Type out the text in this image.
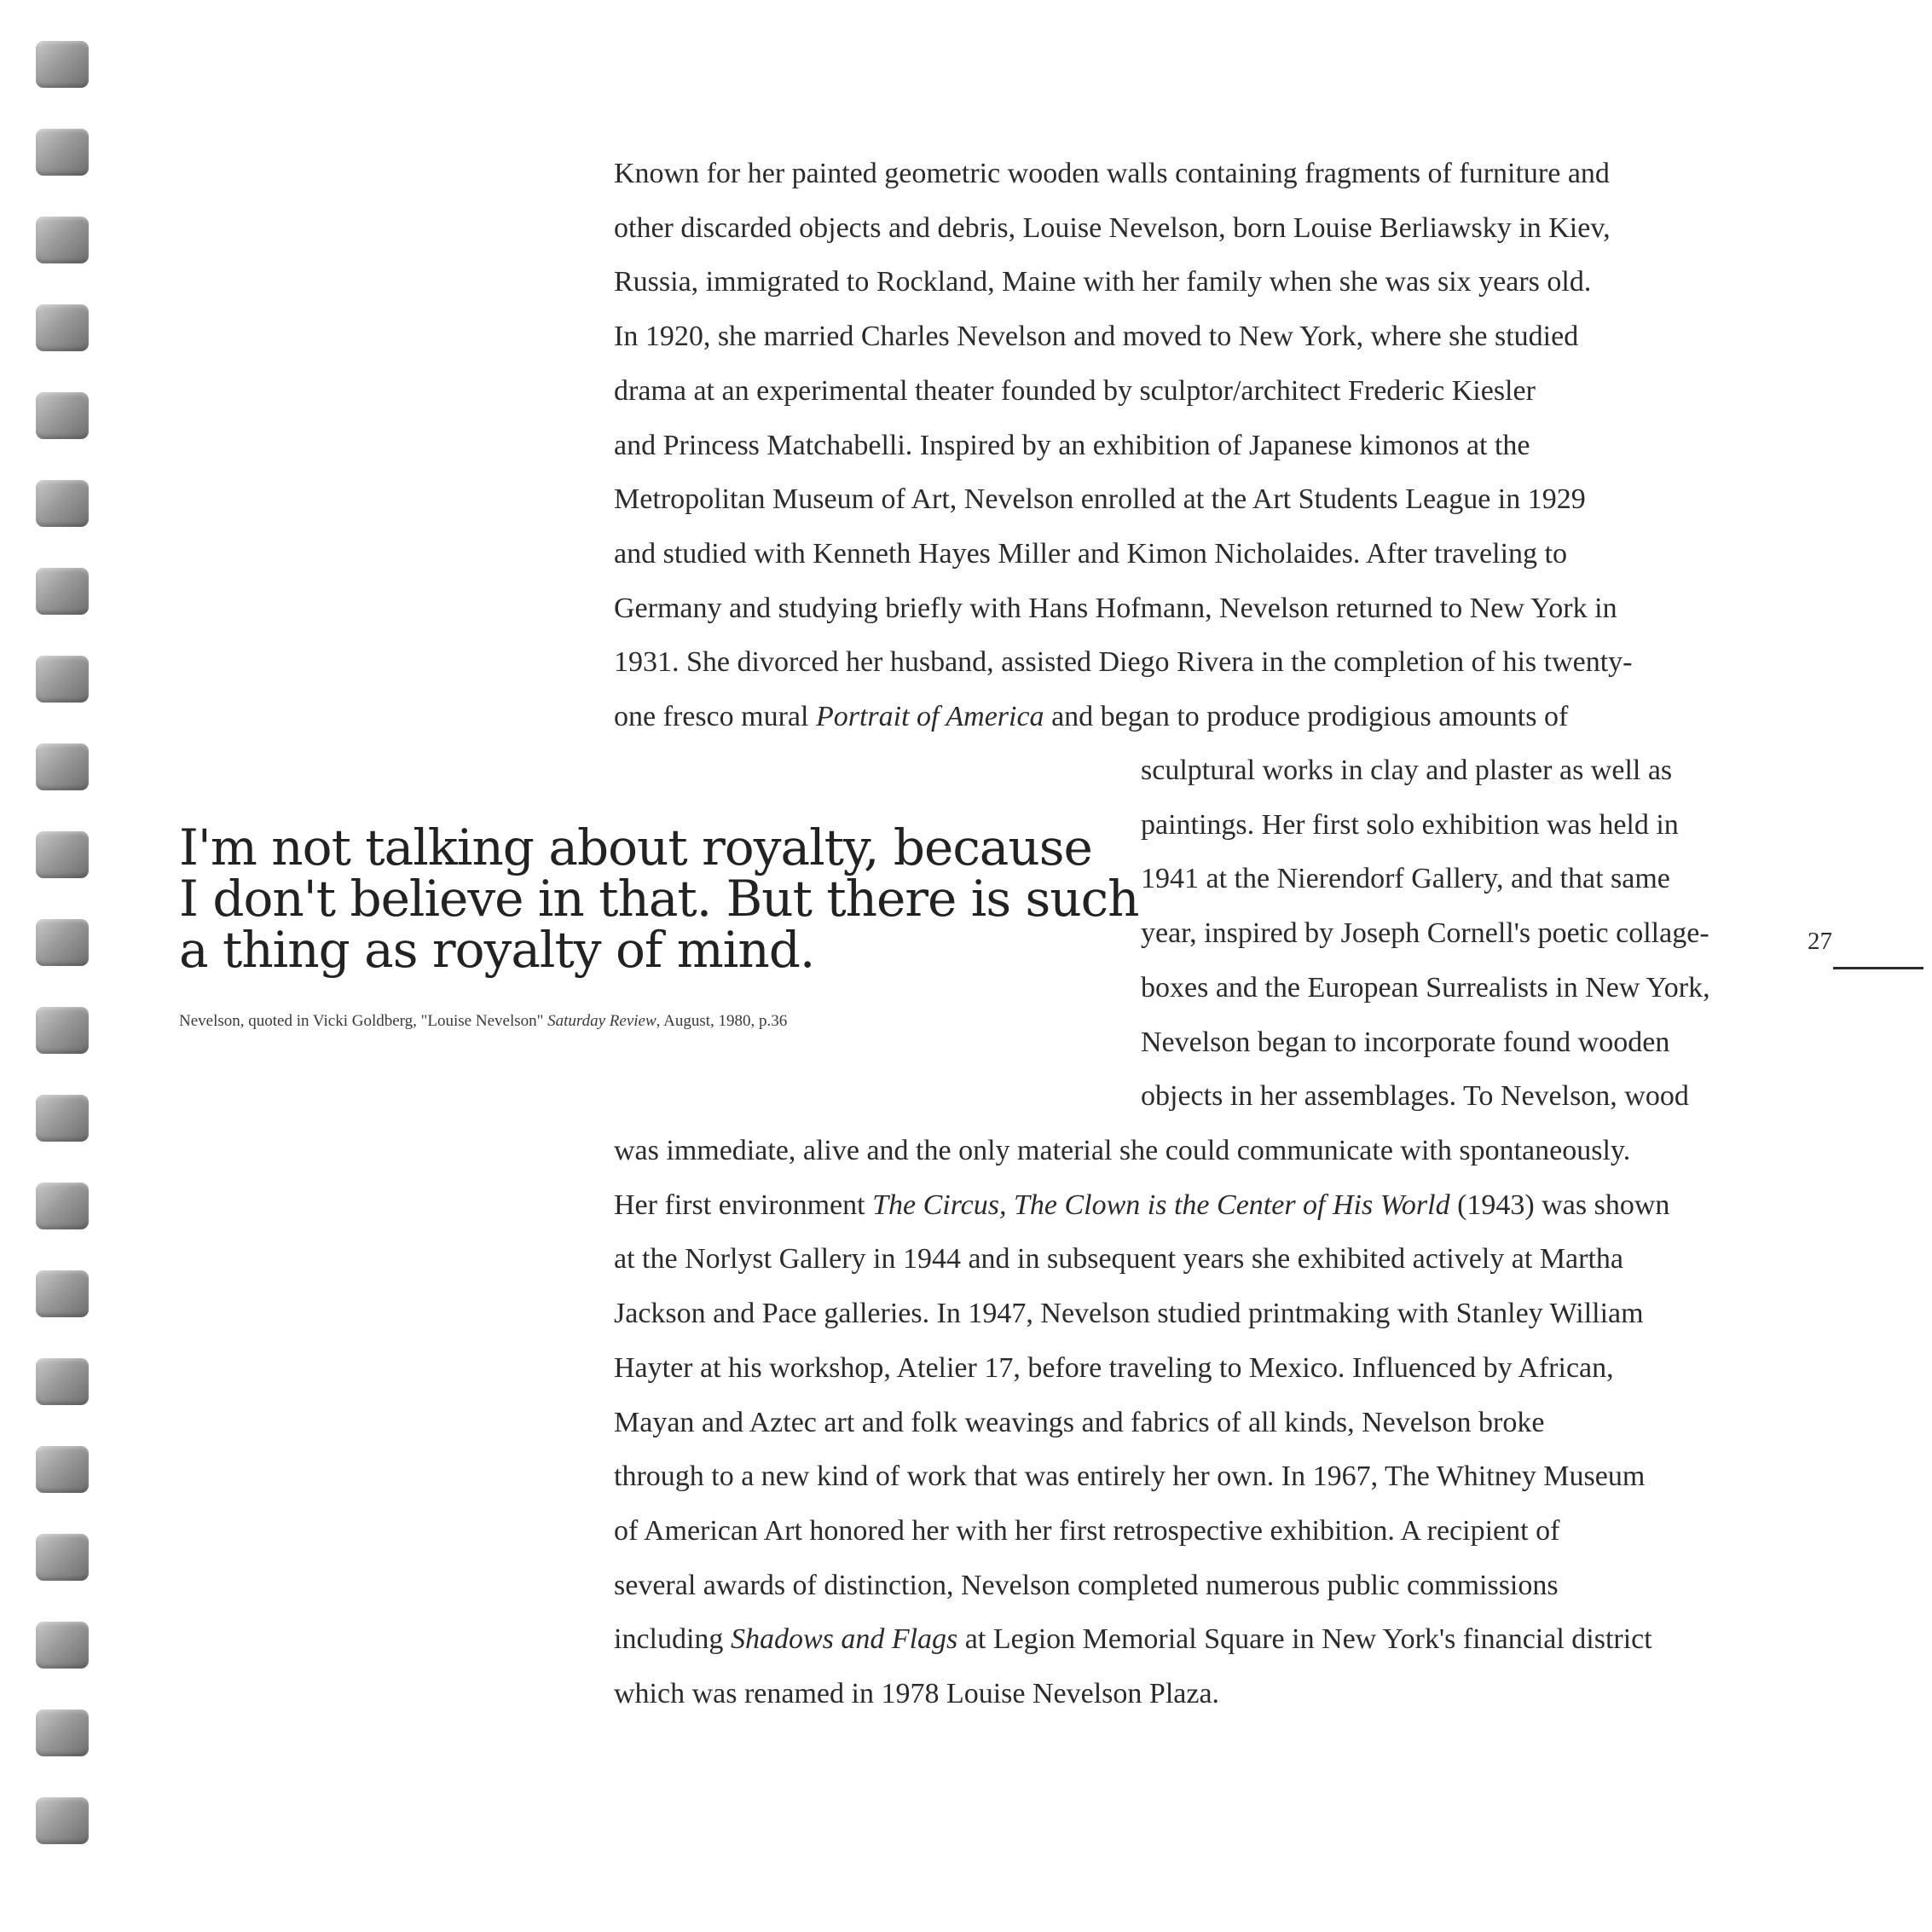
Known for her painted geometric wooden walls containing fragments of furniture and
other discarded objects and debris, Louise Nevelson, born Louise Berliawsky in Kiev,
Russia, immigrated to Rockland, Maine with her family when she was six years old.
In 1920, she married Charles Nevelson and moved to New York, where she studied
drama at an experimental theater founded by sculptor/architect Frederic Kiesler
and Princess Matchabelli. Inspired by an exhibition of Japanese kimonos at the
Metropolitan Museum of Art, Nevelson enrolled at the Art Students League in 1929
and studied with Kenneth Hayes Miller and Kimon Nicholaides. After traveling to
Germany and studying briefly with Hans Hofmann, Nevelson returned to New York in
1931. She divorced her husband, assisted Diego Rivera in the completion of his twenty-
one fresco mural Portrait of America and began to produce prodigious amounts of
sculptural works in clay and plaster as well as
paintings. Her first solo exhibition was held in
1941 at the Nierendorf Gallery, and that same
year, inspired by Joseph Cornell's poetic collage-
boxes and the European Surrealists in New York,
Nevelson began to incorporate found wooden
objects in her assemblages. To Nevelson, wood
was immediate, alive and the only material she could communicate with spontaneously.
Her first environment The Circus, The Clown is the Center of His World (1943) was shown
at the Norlyst Gallery in 1944 and in subsequent years she exhibited actively at Martha
Jackson and Pace galleries. In 1947, Nevelson studied printmaking with Stanley William
Hayter at his workshop, Atelier 17, before traveling to Mexico. Influenced by African,
Mayan and Aztec art and folk weavings and fabrics of all kinds, Nevelson broke
through to a new kind of work that was entirely her own. In 1967, The Whitney Museum
of American Art honored her with her first retrospective exhibition. A recipient of
several awards of distinction, Nevelson completed numerous public commissions
including Shadows and Flags at Legion Memorial Square in New York's financial district
which was renamed in 1978 Louise Nevelson Plaza.
I'm not talking about royalty, because
I don't believe in that. But there is such
a thing as royalty of mind.
Nevelson, quoted in Vicki Goldberg, "Louise Nevelson" Saturday Review, August, 1980, p.36
27
